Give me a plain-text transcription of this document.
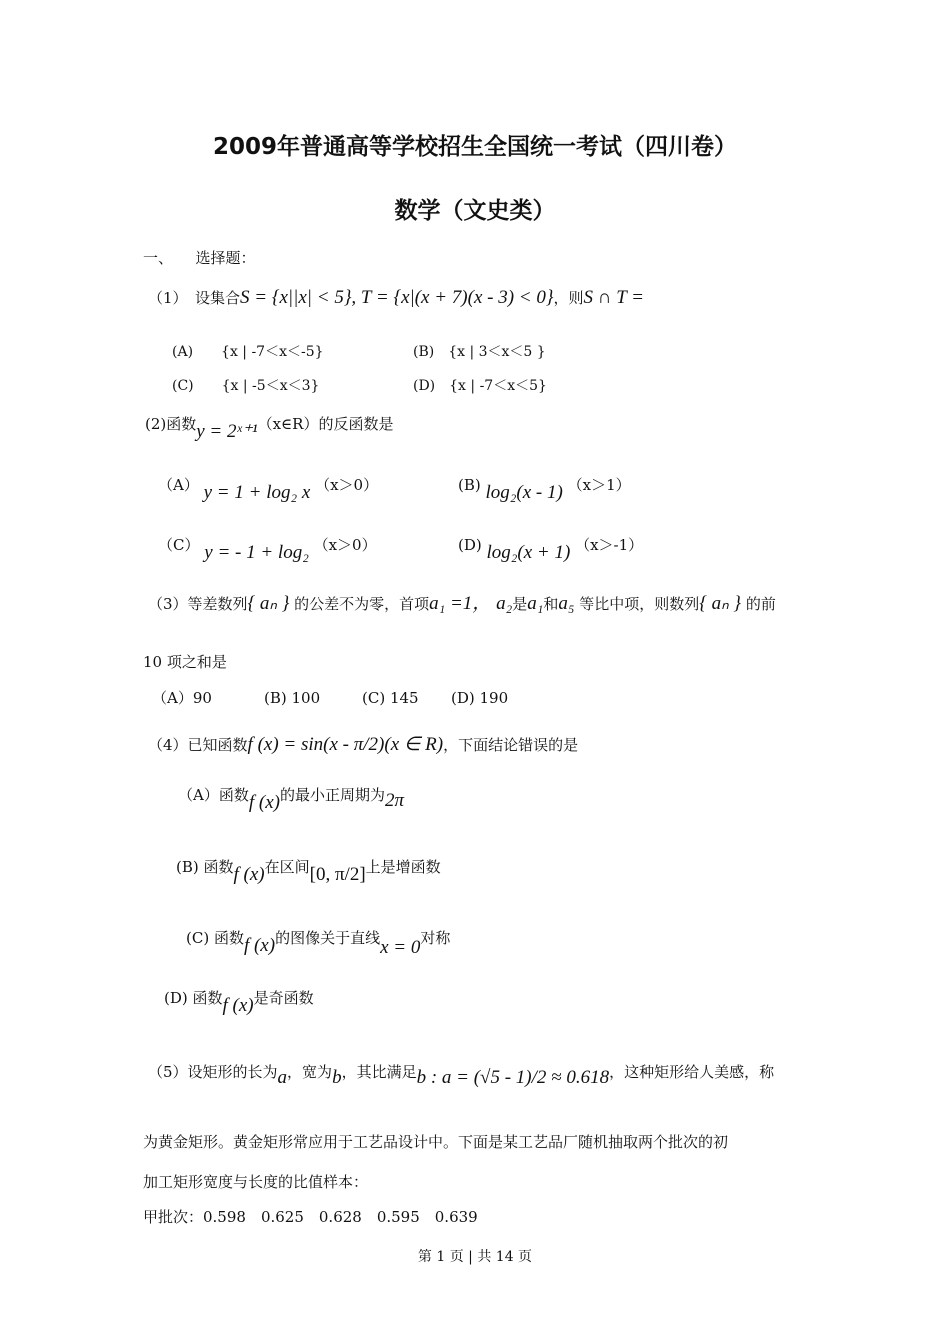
2009年普通高等学校招生全国统一考试（四川卷）
数学（文史类）
一、　　选择题：
（1）　设集合S = {x||x| < 5}, T = {x|(x + 7)(x - 3) < 0}，则S ∩ T =
(A)　　{x | -7＜x＜-5}	(B)　{x | 3＜x＜5 }
(C)　　{x | -5＜x＜3}	(D)　{x | -7＜x＜5}
(2)函数y = 2ˣ⁺¹（x∈R）的反函数是
（A） y = 1 + log₂ x （x＞0）	(B) log₂(x - 1) （x＞1）
（C） y = - 1 + log₂ （x＞0）	(D) log₂(x + 1) （x＞-1）
（3）等差数列{ aₙ } 的公差不为零，首项a₁ =1， a₂是a₁和a₅ 等比中项，则数列{ aₙ } 的前
10 项之和是
（A）90	(B) 100	(C) 145 (D) 190
（4）已知函数f (x) = sin(x - π/2)(x ∈ R)，下面结论错误的是
（A）函数f (x)的最小正周期为2π
(B) 函数f (x)在区间[0, π/2]上是增函数
(C) 函数f (x)的图像关于直线x = 0对称
(D) 函数f (x)是奇函数
（5）设矩形的长为a，宽为b，其比满足b : a = (√5 - 1)/2 ≈ 0.618，这种矩形给人美感，称
为黄金矩形。黄金矩形常应用于工艺品设计中。下面是某工艺品厂随机抽取两个批次的初
加工矩形宽度与长度的比值样本：
甲批次：0.598　0.625　0.628　0.595　0.639
第 1 页 | 共 14 页
